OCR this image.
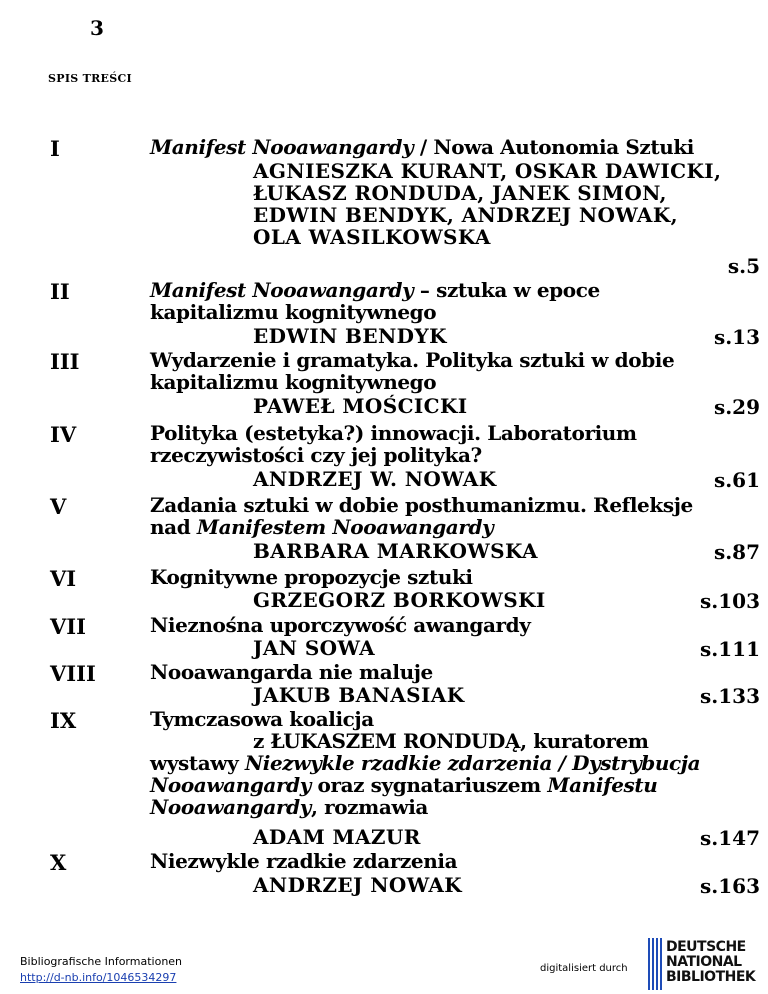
3
SPIS TREŚCI
I	Manifest Nooawangardy / Nowa Autonomia Sztuki
AGNIESZKA KURANT, OSKAR DAWICKI, ŁUKASZ RONDUDA, JANEK SIMON, EDWIN BENDYK, ANDRZEJ NOWAK, OLA WASILKOWSKA
s.5
II	Manifest Nooawangardy – sztuka w epoce kapitalizmu kognitywnego
EDWIN BENDYK	s.13
III	Wydarzenie i gramatyka. Polityka sztuki w dobie kapitalizmu kognitywnego
PAWEŁ MOŚCICKI	s.29
IV	Polityka (estetyka?) innowacji. Laboratorium rzeczywistości czy jej polityka?
ANDRZEJ W. NOWAK	s.61
V	Zadania sztuki w dobie posthumanizmu. Refleksje nad Manifestem Nooawangardy
BARBARA MARKOWSKA	s.87
VI	Kognitywne propozycje sztuki
GRZEGORZ BORKOWSKI	s.103
VII	Nieznośna uporczywość awangardy
JAN SOWA	s.111
VIII	Nooawangarda nie maluje
JAKUB BANASIAK	s.133
IX	Tymczasowa koalicja
z ŁUKASZEM RONDUDĄ, kuratorem
wystawy Niezwykle rzadkie zdarzenia / Dystrybucja Nooawangardy oraz sygnatariuszem Manifestu Nooawangardy, rozmawia
ADAM MAZUR	s.147
X	Niezwykle rzadkie zdarzenia
ANDRZEJ NOWAK	s.163
Bibliografische Informationen
http://d-nb.info/1046534297
digitalisiert durch
DEUTSCHE
NATIONAL
BIBLIOTHEK
